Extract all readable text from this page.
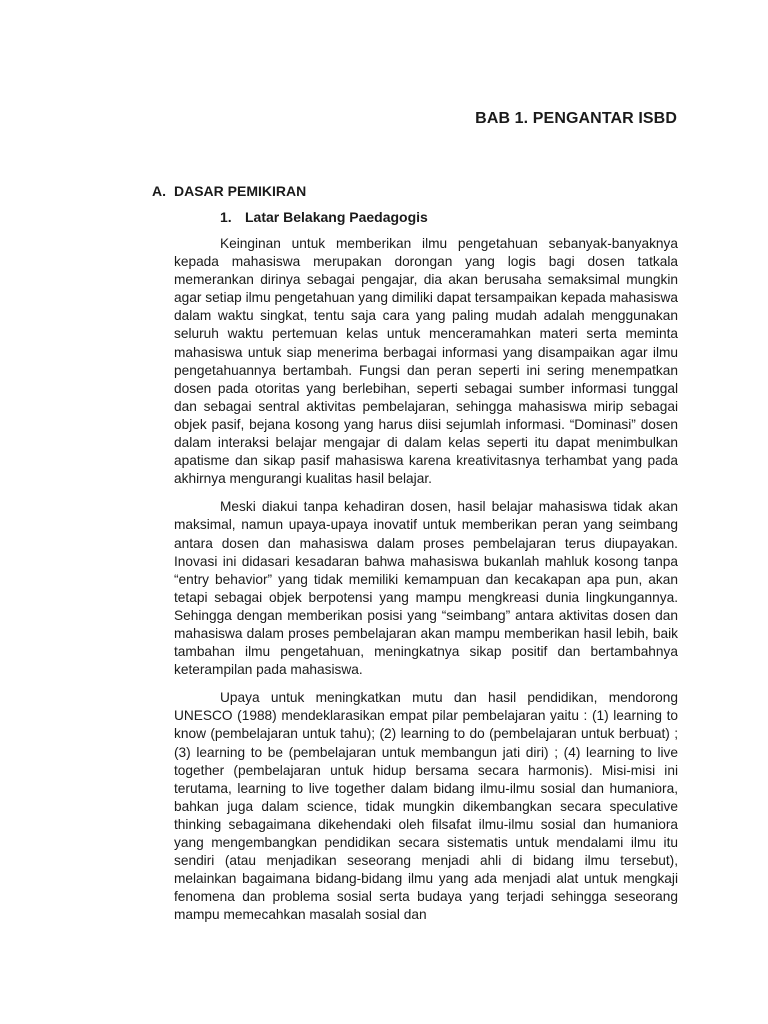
BAB 1. PENGANTAR ISBD
A. DASAR PEMIKIRAN
1. Latar Belakang Paedagogis

Keinginan untuk memberikan ilmu pengetahuan sebanyak-banyaknya kepada mahasiswa merupakan dorongan yang logis bagi dosen tatkala memerankan dirinya sebagai pengajar, dia akan berusaha semaksimal mungkin agar setiap ilmu pengetahuan yang dimiliki dapat tersampaikan kepada mahasiswa dalam waktu singkat, tentu saja cara yang paling mudah adalah menggunakan seluruh waktu pertemuan kelas untuk menceramahkan materi serta meminta mahasiswa untuk siap menerima berbagai informasi yang disampaikan agar ilmu pengetahuannya bertambah. Fungsi dan peran seperti ini sering menempatkan dosen pada otoritas yang berlebihan, seperti sebagai sumber informasi tunggal dan sebagai sentral aktivitas pembelajaran, sehingga mahasiswa mirip sebagai objek pasif, bejana kosong yang harus diisi sejumlah informasi. “Dominasi” dosen dalam interaksi belajar mengajar di dalam kelas seperti itu dapat menimbulkan apatisme dan sikap pasif mahasiswa karena kreativitasnya terhambat yang pada akhirnya mengurangi kualitas hasil belajar.

Meski diakui tanpa kehadiran dosen, hasil belajar mahasiswa tidak akan maksimal, namun upaya-upaya inovatif untuk memberikan peran yang seimbang antara dosen dan mahasiswa dalam proses pembelajaran terus diupayakan. Inovasi ini didasari kesadaran bahwa mahasiswa bukanlah mahluk kosong tanpa “entry behavior” yang tidak memiliki kemampuan dan kecakapan apa pun, akan tetapi sebagai objek berpotensi yang mampu mengkreasi dunia lingkungannya. Sehingga dengan memberikan posisi yang “seimbang” antara aktivitas dosen dan mahasiswa dalam proses pembelajaran akan mampu memberikan hasil lebih, baik tambahan ilmu pengetahuan, meningkatnya sikap positif dan bertambahnya keterampilan pada mahasiswa.

Upaya untuk meningkatkan mutu dan hasil pendidikan, mendorong UNESCO (1988) mendeklarasikan empat pilar pembelajaran yaitu : (1) learning to know (pembelajaran untuk tahu); (2) learning to do (pembelajaran untuk berbuat) ; (3) learning to be (pembelajaran untuk membangun jati diri) ; (4) learning to live together (pembelajaran untuk hidup bersama secara harmonis). Misi-misi ini terutama, learning to live together dalam bidang ilmu-ilmu sosial dan humaniora, bahkan juga dalam science, tidak mungkin dikembangkan secara speculative thinking sebagaimana dikehendaki oleh filsafat ilmu-ilmu sosial dan humaniora yang mengembangkan pendidikan secara sistematis untuk mendalami ilmu itu sendiri (atau menjadikan seseorang menjadi ahli di bidang ilmu tersebut), melainkan bagaimana bidang-bidang ilmu yang ada menjadi alat untuk mengkaji fenomena dan problema sosial serta budaya yang terjadi sehingga seseorang mampu memecahkan masalah sosial dan
